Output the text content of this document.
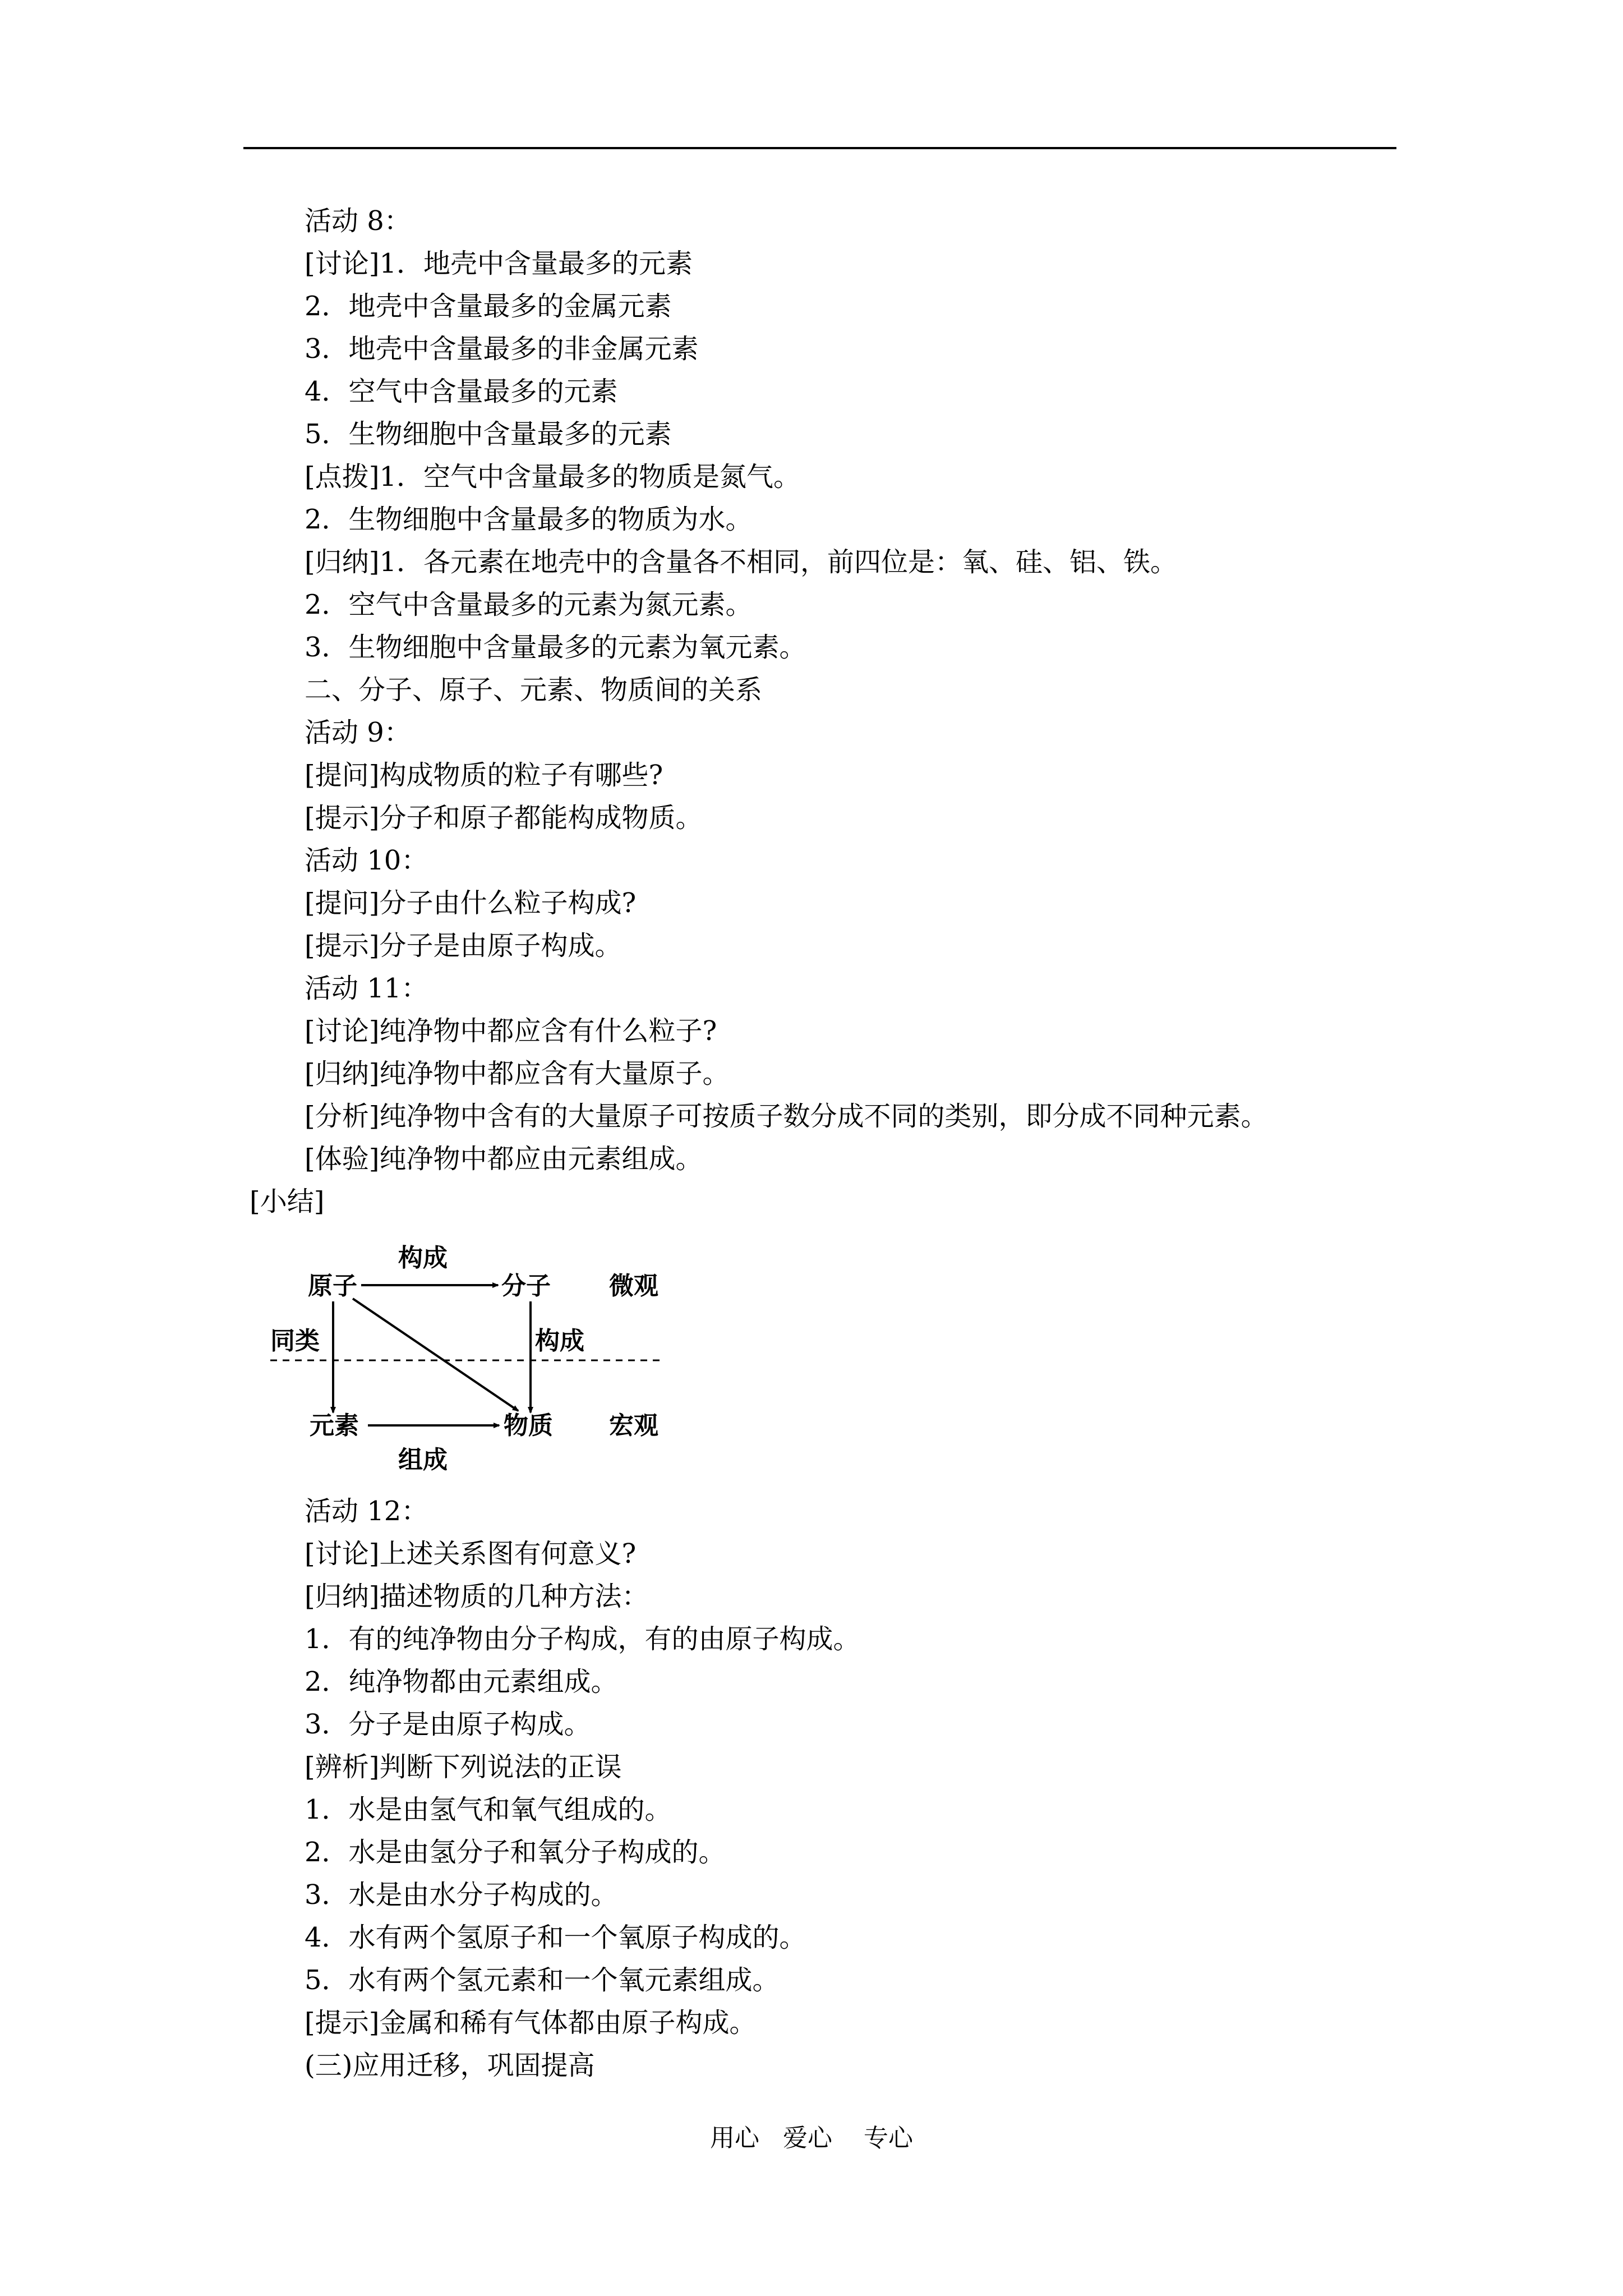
活动 8：
[讨论]1．地壳中含量最多的元素
2．地壳中含量最多的金属元素
3．地壳中含量最多的非金属元素
4．空气中含量最多的元素
5．生物细胞中含量最多的元素
[点拨]1．空气中含量最多的物质是氮气。
2．生物细胞中含量最多的物质为水。
[归纳]1．各元素在地壳中的含量各不相同，前四位是：氧、硅、铝、铁。
2．空气中含量最多的元素为氮元素。
3．生物细胞中含量最多的元素为氧元素。
二、分子、原子、元素、物质间的关系
活动 9：
[提问]构成物质的粒子有哪些?
[提示]分子和原子都能构成物质。
活动 10：
[提问]分子由什么粒子构成?
[提示]分子是由原子构成。
活动 11：
[讨论]纯净物中都应含有什么粒子?
[归纳]纯净物中都应含有大量原子。
[分析]纯净物中含有的大量原子可按质子数分成不同的类别，即分成不同种元素。
[体验]纯净物中都应由元素组成。
[小结]
原子	分子 微观
构成
同类	构成
元素	物质 宏观
组成
活动 12：
[讨论]上述关系图有何意义?
[归纳]描述物质的几种方法：
1．有的纯净物由分子构成，有的由原子构成。
2．纯净物都由元素组成。
3．分子是由原子构成。
[辨析]判断下列说法的正误
1．水是由氢气和氧气组成的。
2．水是由氢分子和氧分子构成的。
3．水是由水分子构成的。
4．水有两个氢原子和一个氧原子构成的。
5．水有两个氢元素和一个氧元素组成。
[提示]金属和稀有气体都由原子构成。
(三)应用迁移，巩固提高
用心   爱心    专心
